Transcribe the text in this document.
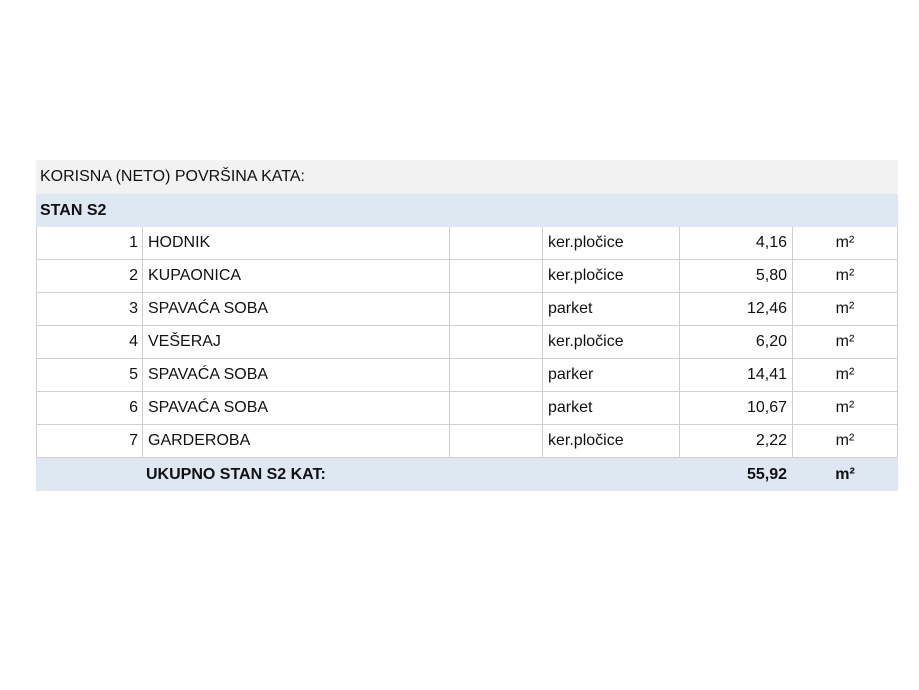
KORISNA (NETO) POVRŠINA KATA:
STAN S2
1 HODNIK	ker.pločice	4,16	m²
2 KUPAONICA	ker.pločice	5,80	m²
3 SPAVAĆA SOBA	parket	12,46	m²
4 VEŠERAJ	ker.pločice	6,20	m²
5 SPAVAĆA SOBA	parker	14,41	m²
6 SPAVAĆA SOBA	parket	10,67	m²
7 GARDEROBA	ker.pločice	2,22	m²
UKUPNO STAN S2 KAT:	55,92	m²
